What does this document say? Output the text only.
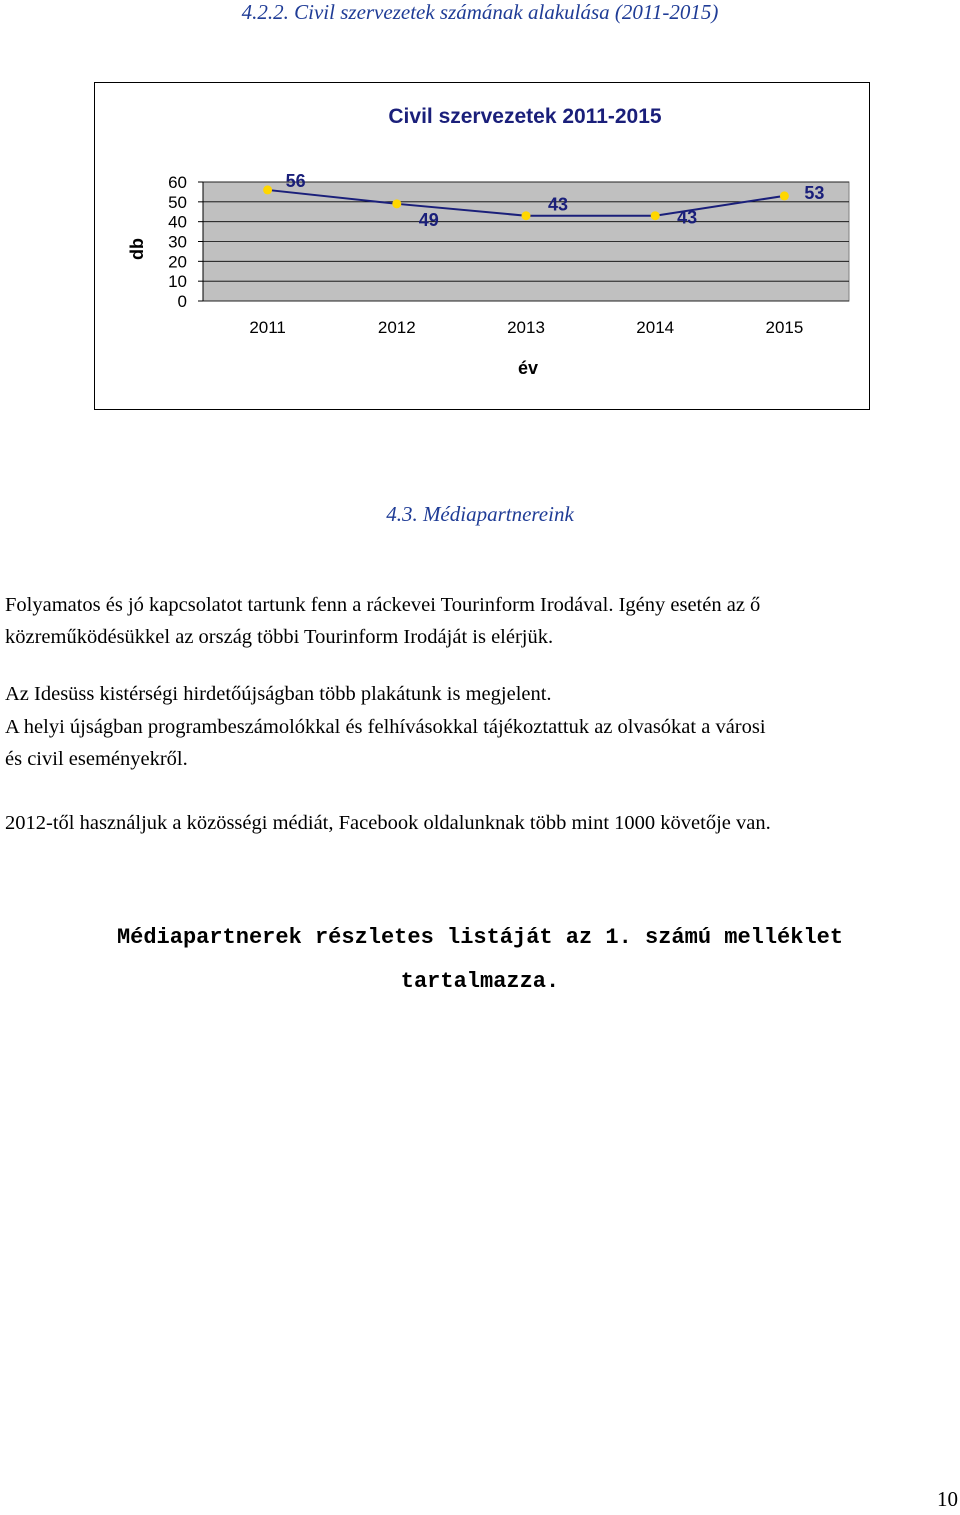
4.2.2. Civil szervezetek számának alakulása (2011-2015)
Civil szervezetek 2011-2015
db
év
0
10
20
30
40
50
60
2011	2012	2013	2014	2015
56
49
43
43
53
4.3. Médiapartnereink
Folyamatos és jó kapcsolatot tartunk fenn a ráckevei Tourinform Irodával. Igény esetén az ő
közreműködésükkel az ország többi Tourinform Irodáját is elérjük.
Az Idesüss kistérségi hirdetőújságban több plakátunk is megjelent.
A helyi újságban programbeszámolókkal és felhívásokkal tájékoztattuk az olvasókat a városi
és civil eseményekről.
2012-től használjuk a közösségi médiát, Facebook oldalunknak több mint 1000 követője van.
Médiapartnerek részletes listáját az 1. számú melléklet
tartalmazza.
10
